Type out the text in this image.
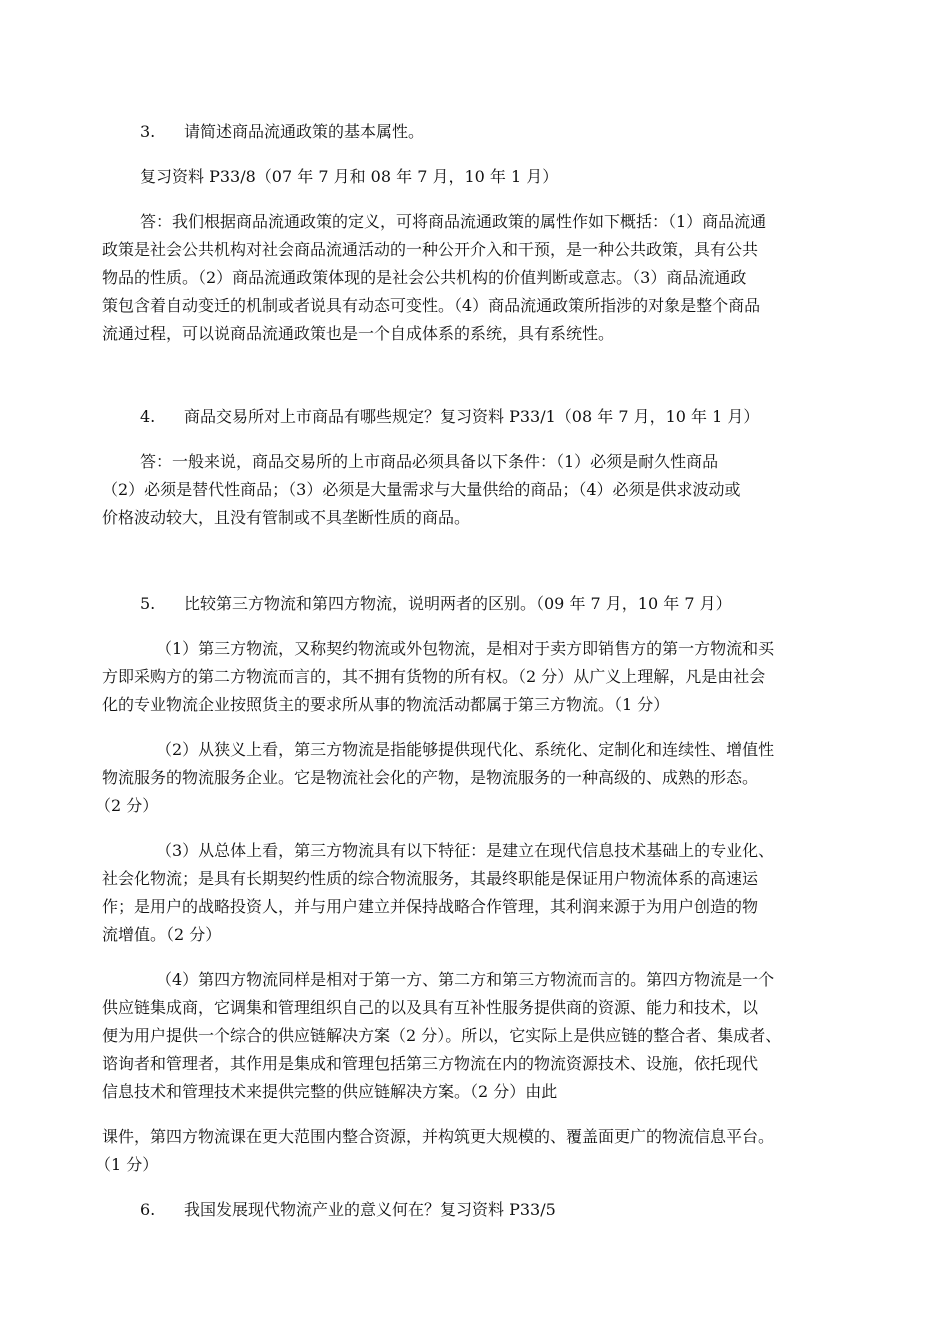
3. 请简述商品流通政策的基本属性。
复习资料 P33/8（07 年 7 月和 08 年 7 月，10 年 1 月）
答：我们根据商品流通政策的定义，可将商品流通政策的属性作如下概括：（1）商品流通
政策是社会公共机构对社会商品流通活动的一种公开介入和干预，是一种公共政策，具有公共
物品的性质。（2）商品流通政策体现的是社会公共机构的价值判断或意志。（3）商品流通政
策包含着自动变迁的机制或者说具有动态可变性。（4）商品流通政策所指涉的对象是整个商品
流通过程，可以说商品流通政策也是一个自成体系的系统，具有系统性。
4. 商品交易所对上市商品有哪些规定？复习资料 P33/1（08 年 7 月，10 年 1 月）
答：一般来说，商品交易所的上市商品必须具备以下条件：（1）必须是耐久性商品
（2）必须是替代性商品；（3）必须是大量需求与大量供给的商品；（4）必须是供求波动或
价格波动较大，且没有管制或不具垄断性质的商品。
5. 比较第三方物流和第四方物流，说明两者的区别。（09 年 7 月，10 年 7 月）
（1）第三方物流，又称契约物流或外包物流，是相对于卖方即销售方的第一方物流和买
方即采购方的第二方物流而言的，其不拥有货物的所有权。（2 分）从广义上理解，凡是由社会
化的专业物流企业按照货主的要求所从事的物流活动都属于第三方物流。（1 分）
（2）从狭义上看，第三方物流是指能够提供现代化、系统化、定制化和连续性、增值性
物流服务的物流服务企业。它是物流社会化的产物，是物流服务的一种高级的、成熟的形态。
（2 分）
（3）从总体上看，第三方物流具有以下特征：是建立在现代信息技术基础上的专业化、
社会化物流；是具有长期契约性质的综合物流服务，其最终职能是保证用户物流体系的高速运
作；是用户的战略投资人，并与用户建立并保持战略合作管理，其利润来源于为用户创造的物
流增值。（2 分）
（4）第四方物流同样是相对于第一方、第二方和第三方物流而言的。第四方物流是一个
供应链集成商，它调集和管理组织自己的以及具有互补性服务提供商的资源、能力和技术，以
便为用户提供一个综合的供应链解决方案（2 分）。所以，它实际上是供应链的整合者、集成者、
谘询者和管理者，其作用是集成和管理包括第三方物流在内的物流资源技术、设施，依托现代
信息技术和管理技术来提供完整的供应链解决方案。（2 分）由此
课件，第四方物流课在更大范围内整合资源，并构筑更大规模的、覆盖面更广的物流信息平台。
（1 分）
6. 我国发展现代物流产业的意义何在？复习资料 P33/5
